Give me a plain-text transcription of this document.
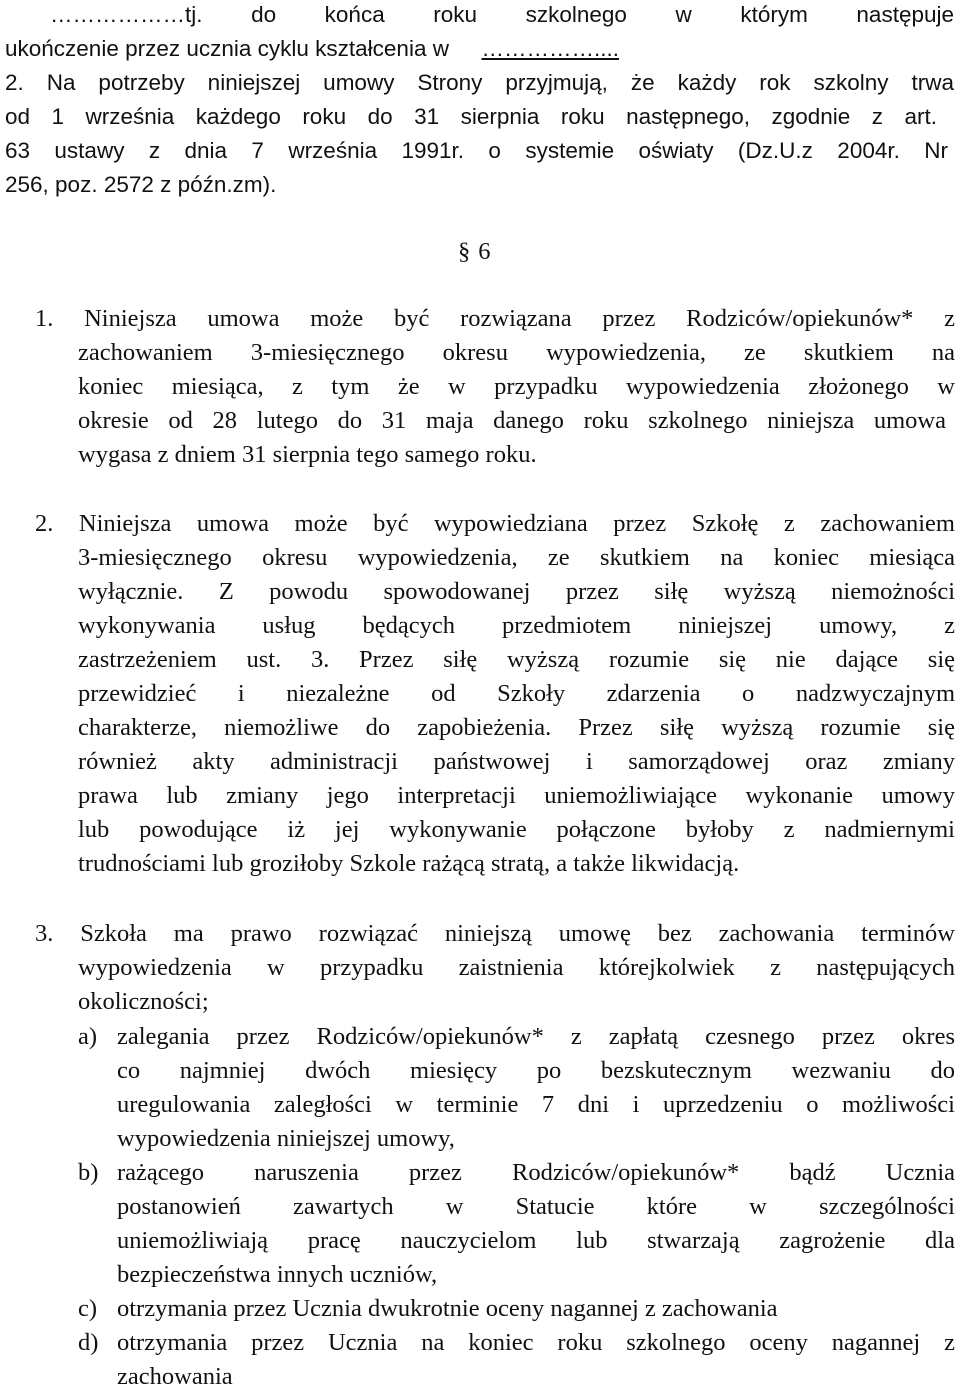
………………tj. do końca roku szkolnego w którym następuje
ukończenie przez ucznia cyklu kształcenia w ……………....
2. Na potrzeby niniejszej umowy Strony przyjmują, że każdy rok szkolny trwa
od 1 września każdego roku do 31 sierpnia roku następnego, zgodnie z art.
63 ustawy z dnia 7 września 1991r. o systemie oświaty (Dz.U.z 2004r. Nr
256, poz. 2572 z późn.zm).
§ 6
1. Niniejsza umowa może być rozwiązana przez Rodziców/opiekunów* z
zachowaniem 3-miesięcznego okresu wypowiedzenia, ze skutkiem na
koniec miesiąca, z tym że w przypadku wypowiedzenia złożonego w
okresie od 28 lutego do 31 maja danego roku szkolnego niniejsza umowa
wygasa z dniem 31 sierpnia tego samego roku.
2. Niniejsza umowa może być wypowiedziana przez Szkołę z zachowaniem
3-miesięcznego okresu wypowiedzenia, ze skutkiem na koniec miesiąca
wyłącznie. Z powodu spowodowanej przez siłę wyższą niemożności
wykonywania usług będących przedmiotem niniejszej umowy, z
zastrzeżeniem ust. 3. Przez siłę wyższą rozumie się nie dające się
przewidzieć i niezależne od Szkoły zdarzenia o nadzwyczajnym
charakterze, niemożliwe do zapobieżenia. Przez siłę wyższą rozumie się
również akty administracji państwowej i samorządowej oraz zmiany
prawa lub zmiany jego interpretacji uniemożliwiające wykonanie umowy
lub powodujące iż jej wykonywanie połączone byłoby z nadmiernymi
trudnościami lub groziłoby Szkole rażącą stratą, a także likwidacją.
3. Szkoła ma prawo rozwiązać niniejszą umowę bez zachowania terminów
wypowiedzenia w przypadku zaistnienia którejkolwiek z następujących
okoliczności;
a) zalegania przez Rodziców/opiekunów* z zapłatą czesnego przez okres
co najmniej dwóch miesięcy po bezskutecznym wezwaniu do
uregulowania zaległości w terminie 7 dni i uprzedzeniu o możliwości
wypowiedzenia niniejszej umowy,
b) rażącego naruszenia przez Rodziców/opiekunów* bądź Ucznia
postanowień zawartych w Statucie które w szczególności
uniemożliwiają pracę nauczycielom lub stwarzają zagrożenie dla
bezpieczeństwa innych uczniów,
c) otrzymania przez Ucznia dwukrotnie oceny nagannej z zachowania
d) otrzymania przez Ucznia na koniec roku szkolnego oceny nagannej z
zachowania
